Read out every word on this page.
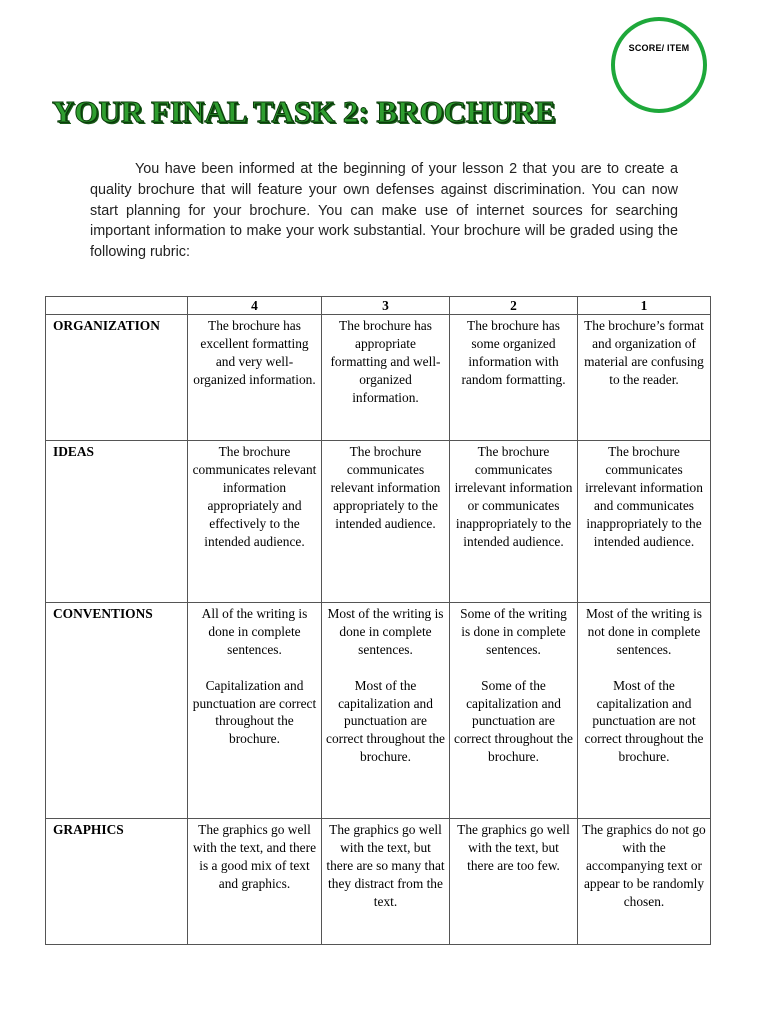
SCORE/ ITEM
YOUR FINAL TASK 2: BROCHURE

You have been informed at the beginning of your lesson 2 that you are to create a quality brochure that will feature your own defenses against discrimination. You can now start planning for your brochure. You can make use of internet sources for searching important information to make your work substantial. Your brochure will be graded using the following rubric:

	4	3	2	1
ORGANIZATION	The brochure has excellent formatting and very well-organized information.	The brochure has appropriate formatting and well-organized information.	The brochure has some organized information with random formatting.	The brochure’s format and organization of material are confusing to the reader.
IDEAS	The brochure communicates relevant information appropriately and effectively to the intended audience.	The brochure communicates relevant information appropriately to the intended audience.	The brochure communicates irrelevant information or communicates inappropriately to the intended audience.	The brochure communicates irrelevant information and communicates inappropriately to the intended audience.
CONVENTIONS	All of the writing is done in complete sentences.
Capitalization and punctuation are correct throughout the brochure.	Most of the writing is done in complete sentences.
Most of the capitalization and punctuation are correct throughout the brochure.	Some of the writing is done in complete sentences.
Some of the capitalization and punctuation are correct throughout the brochure.	Most of the writing is not done in complete sentences.
Most of the capitalization and punctuation are not correct throughout the brochure.

GRAPHICS	The graphics go well with the text, and there is a good mix of text and graphics.	The graphics go well with the text, but there are so many that they distract from the text.	The graphics go well with the text, but there are too few.	The graphics do not go with the accompanying text or appear to be randomly chosen.
